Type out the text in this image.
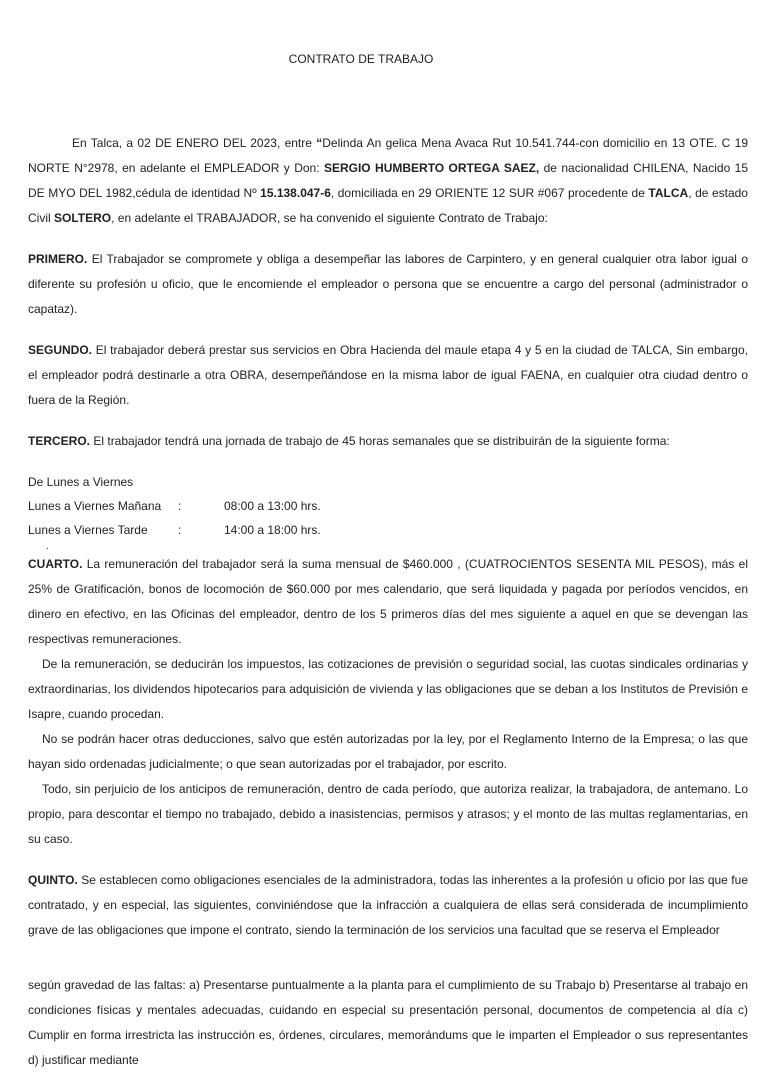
CONTRATO DE TRABAJO

En Talca, a 02 DE ENERO DEL 2023, entre “Delinda An gelica Mena Avaca Rut 10.541.744-con domicilio en 13 OTE. C 19 NORTE N°2978, en adelante el EMPLEADOR y Don: SERGIO HUMBERTO ORTEGA SAEZ, de nacionalidad CHILENA, Nacido 15 DE MYO DEL 1982,cédula de identidad Nº 15.138.047-6, domiciliada en 29 ORIENTE 12 SUR #067 procedente de TALCA, de estado Civil SOLTERO, en adelante el TRABAJADOR, se ha convenido el siguiente Contrato de Trabajo:

PRIMERO. El Trabajador se compromete y obliga a desempeñar las labores de Carpintero, y en general cualquier otra labor igual o diferente su profesión u oficio, que le encomiende el empleador o persona que se encuentre a cargo del personal (administrador o capataz).

SEGUNDO. El trabajador deberá prestar sus servicios en Obra Hacienda del maule etapa 4 y 5 en la ciudad de TALCA, Sin embargo, el empleador podrá destinarle a otra OBRA, desempeñándose en la misma labor de igual FAENA, en cualquier otra ciudad dentro o fuera de la Región.

TERCERO. El trabajador tendrá una jornada de trabajo de 45 horas semanales que se distribuirán de la siguiente forma:

De Lunes a Viernes
Lunes a Viernes Mañana	:	08:00 a 13:00 hrs.
Lunes a Viernes Tarde	:	14:00 a 18:00 hrs.
.

CUARTO. La remuneración del trabajador será la suma mensual de $460.000 , (CUATROCIENTOS SESENTA MIL PESOS), más el 25% de Gratificación, bonos de locomoción de $60.000 por mes calendario, que será liquidada y pagada por períodos vencidos, en dinero en efectivo, en las Oficinas del empleador, dentro de los 5 primeros días del mes siguiente a aquel en que se devengan las respectivas remuneraciones.

De la remuneración, se deducirán los impuestos, las cotizaciones de previsión o seguridad social, las cuotas sindicales ordinarias y extraordinarias, los dividendos hipotecarios para adquisición de vivienda y las obligaciones que se deban a los Institutos de Previsión e Isapre, cuando procedan.

No se podrán hacer otras deducciones, salvo que estén autorizadas por la ley, por el Reglamento Interno de la Empresa; o las que hayan sido ordenadas judicialmente; o que sean autorizadas por el trabajador, por escrito.

Todo, sin perjuicio de los anticipos de remuneración, dentro de cada período, que autoriza realizar, la trabajadora, de antemano. Lo propio, para descontar el tiempo no trabajado, debido a inasistencias, permisos y atrasos; y el monto de las multas reglamentarias, en su caso.

QUINTO. Se establecen como obligaciones esenciales de la administradora, todas las inherentes a la profesión u oficio por las que fue contratado, y en especial, las siguientes, conviniéndose que la infracción a cualquiera de ellas será considerada de incumplimiento grave de las obligaciones que impone el contrato, siendo la terminación de los servicios una facultad que se reserva el Empleador

según gravedad de las faltas: a) Presentarse puntualmente a la planta para el cumplimiento de su Trabajo b) Presentarse al trabajo en condiciones físicas y mentales adecuadas, cuidando en especial su presentación personal, documentos de competencia al día c) Cumplir en forma irrestricta las instrucción es, órdenes, circulares, memorándums que le imparten el Empleador o sus representantes d) justificar mediante
